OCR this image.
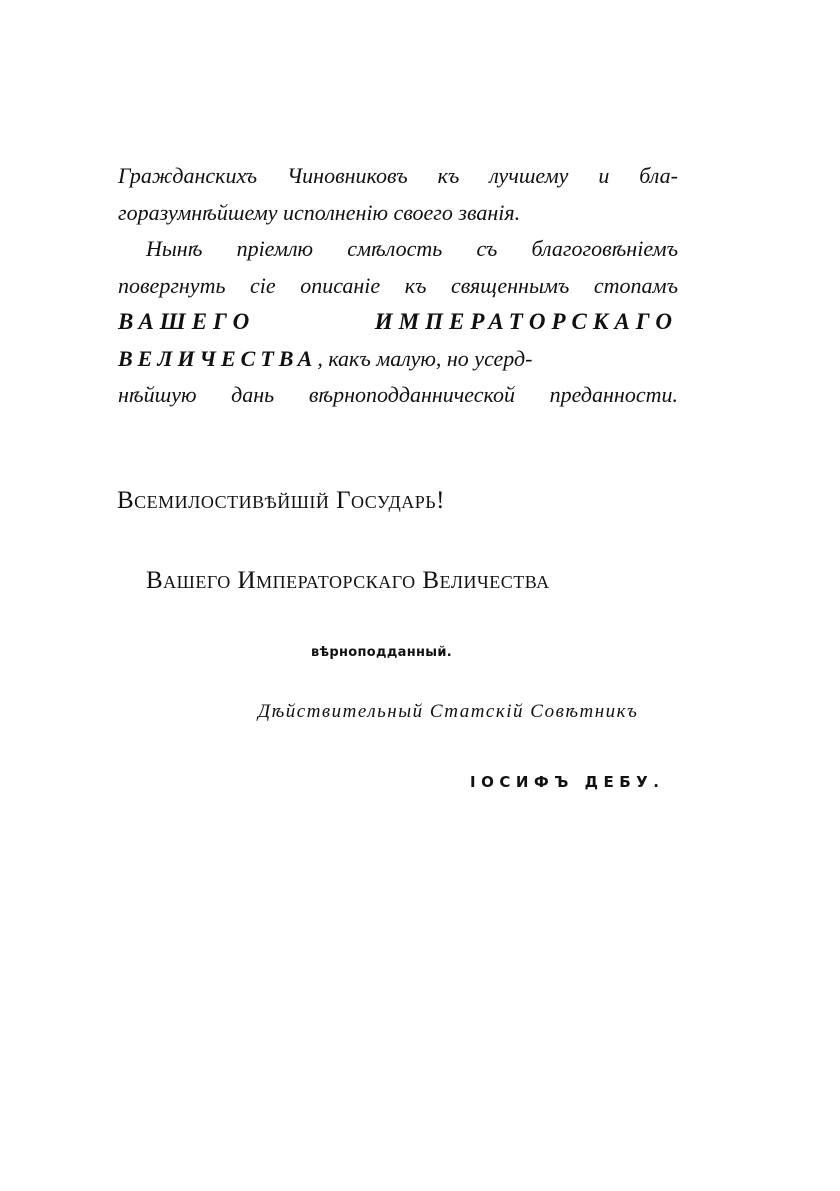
Гражданскихъ Чиновниковъ къ лучшему и бла-
горазумнѣйшему исполненію своего званія.
Нынѣ пріемлю смѣлость съ благоговѣніемъ
повергнуть сіе описаніе къ священнымъ стопамъ
ВАШЕГО ИМПЕРАТОРСКАГО
ВЕЛИЧЕСТВА, какъ малую, но усерд-
нѣйшую дань вѣрноподданнической преданности.
Всемилостивѣйшій Государь!
Вашего Императорскаго Величества
вѣрноподданный.
Дѣйствительный Статскій Совѣтникъ
ІОСИФЪ ДЕБУ.
